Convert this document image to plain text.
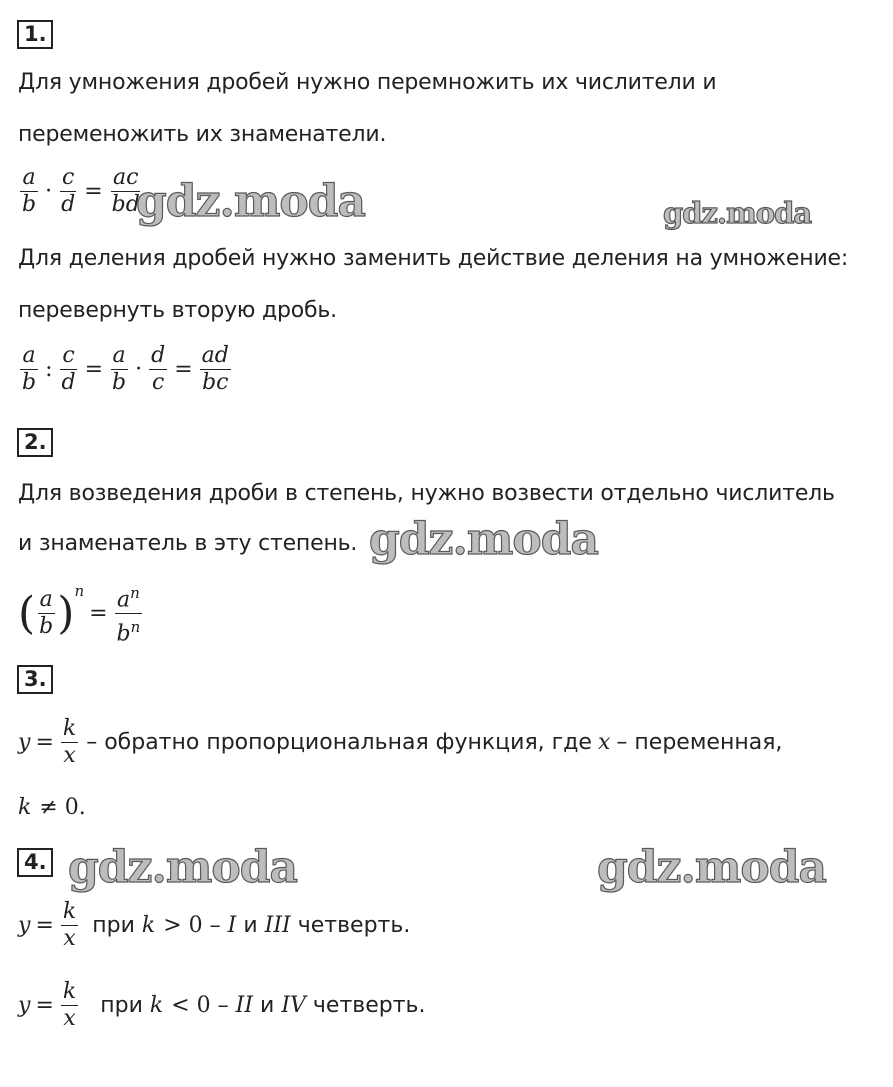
1.
Для умножения дробей нужно перемножить их числители и
переменожить их знаменатели.
$\frac{a}{b} \cdot \frac{c}{d} = \frac{ac}{bd}$
gdz.moda	gdz.moda
Для деления дробей нужно заменить действие деления на умножение:
перевернуть вторую дробь.
$\frac{a}{b}$ : $\frac{c}{d} = \frac{a}{b} \cdot \frac{d}{c} = \frac{ad}{bc}$
2.
Для возведения дроби в степень, нужно возвести отдельно числитель
и знаменатель в эту степень. gdz.moda
( $\frac{a}{b} )^n$
= $\frac{a^n}{b^n}$
3.
$y = \frac{k}{x}$ – обратно пропорциональная функция, где x – переменная,
k ≠ 0.
4. gdz.moda	gdz.moda
$y = \frac{k}{x}$ при k > 0 – I и III четверть.
$y = \frac{k}{x}$ при k < 0 – II и IV четверть.
